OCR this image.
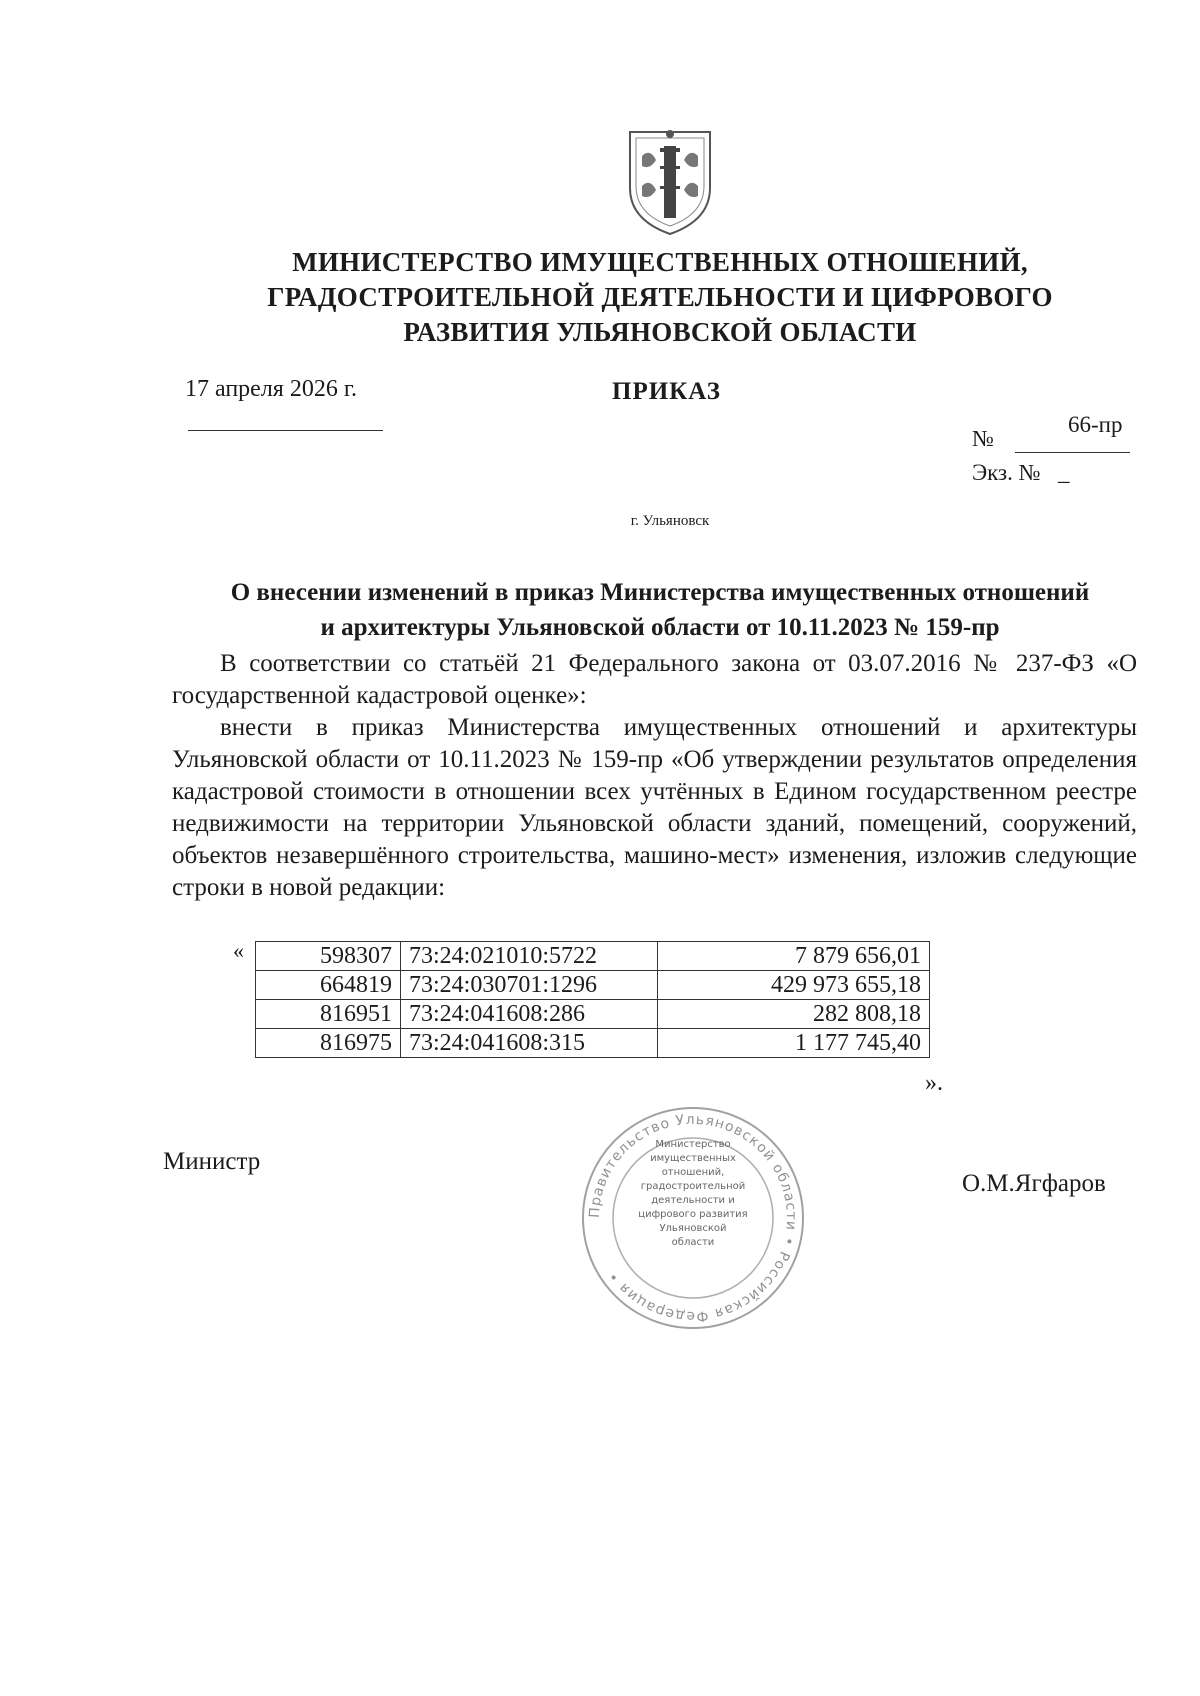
МИНИСТЕРСТВО ИМУЩЕСТВЕННЫХ ОТНОШЕНИЙ,
ГРАДОСТРОИТЕЛЬНОЙ ДЕЯТЕЛЬНОСТИ И ЦИФРОВОГО
РАЗВИТИЯ УЛЬЯНОВСКОЙ ОБЛАСТИ
17 апреля 2026 г.	ПРИКАЗ
№
66-пр
Экз. № _
г. Ульяновск
О внесении изменений в приказ Министерства имущественных отношений
и архитектуры Ульяновской области от 10.11.2023 № 159-пр

В соответствии со статьёй 21 Федерального закона от 03.07.2016 № 237-ФЗ «О государственной кадастровой оценке»:

внести в приказ Министерства имущественных отношений и архитектуры Ульяновской области от 10.11.2023 № 159-пр «Об утверждении результатов определения кадастровой стоимости в отношении всех учтённых в Едином государственном реестре недвижимости на территории Ульяновской области зданий, помещений, сооружений, объектов незавершённого строительства, машино-мест» изменения, изложив следующие строки в новой редакции:

«	598307	73:24:021010:5722	7 879 656,01
664819	73:24:030701:1296	429 973 655,18
816951	73:24:041608:286	282 808,18
816975	73:24:041608:315	1 177 745,40
».
Министр
Правительство Ульяновской области • Российская Федерация •
Министерство
имущественных
отношений,
градостроительной
деятельности и
цифрового развития
Ульяновской
области
О.М.Ягфаров
